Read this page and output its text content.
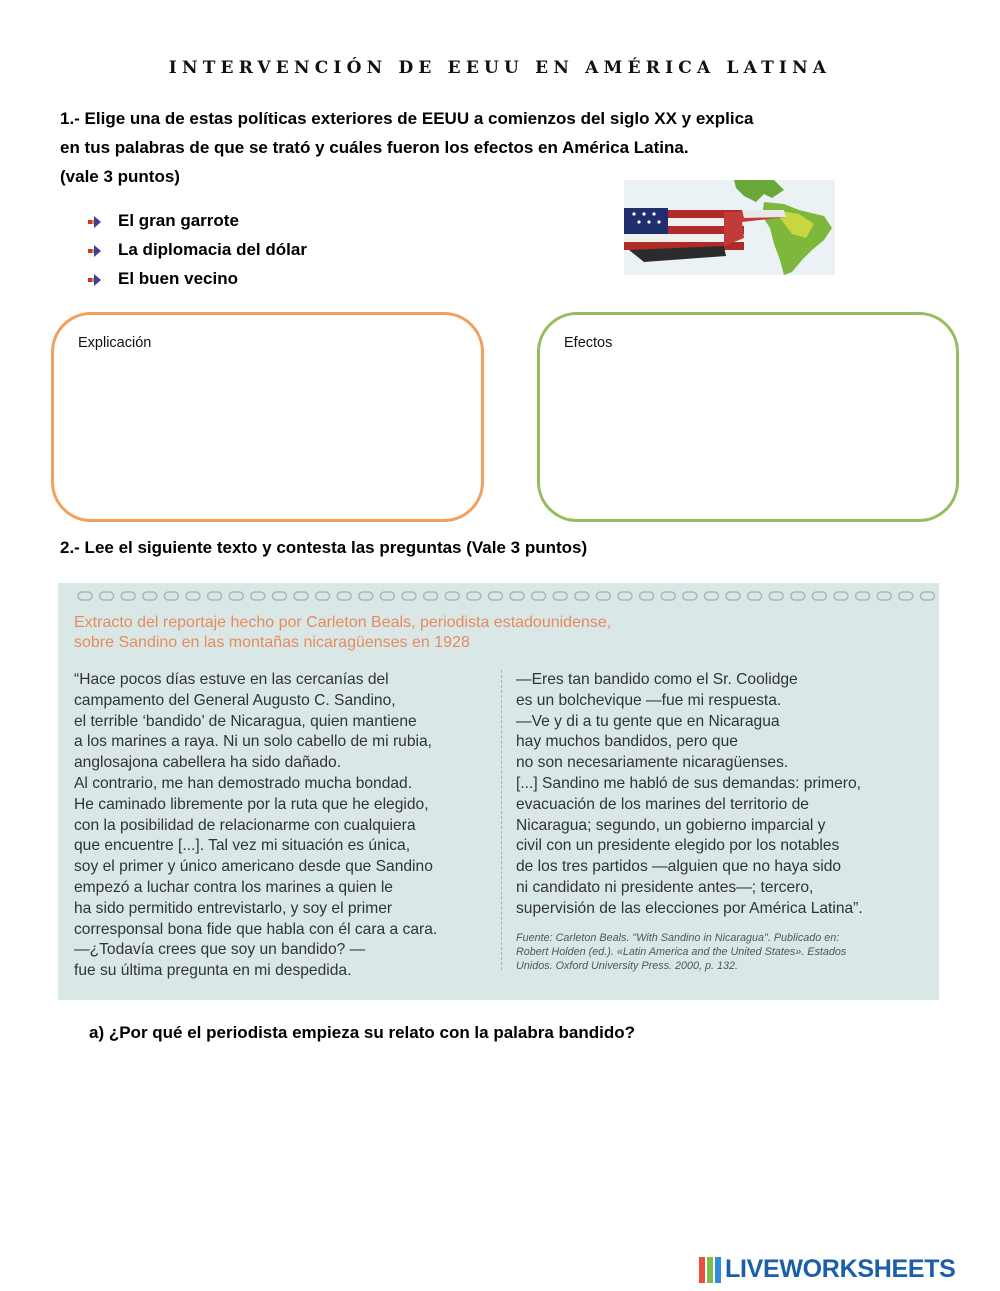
INTERVENCIÓN DE EEUU EN AMÉRICA LATINA
1.- Elige una de estas políticas exteriores de EEUU a comienzos del siglo XX y explica
en tus palabras de que se trató y cuáles fueron los efectos en América Latina.
(vale 3 puntos)
El gran garrote
La diplomacia del dólar
El buen vecino
Explicación	Efectos
2.- Lee el siguiente texto y contesta las preguntas (Vale 3 puntos)
Extracto del reportaje hecho por Carleton Beals, periodista estadounidense,
sobre Sandino en las montañas nicaragüenses en 1928
“Hace pocos días estuve en las cercanías del
campamento del General Augusto C. Sandino,
el terrible ‘bandido’ de Nicaragua, quien mantiene
a los marines a raya. Ni un solo cabello de mi rubia,
anglosajona cabellera ha sido dañado.
Al contrario, me han demostrado mucha bondad.
He caminado libremente por la ruta que he elegido,
con la posibilidad de relacionarme con cualquiera
que encuentre [...]. Tal vez mi situación es única,
soy el primer y único americano desde que Sandino
empezó a luchar contra los marines a quien le
ha sido permitido entrevistarlo, y soy el primer
corresponsal bona fide que habla con él cara a cara.
—¿Todavía crees que soy un bandido? —
fue su última pregunta en mi despedida.
—Eres tan bandido como el Sr. Coolidge
es un bolchevique —fue mi respuesta.
—Ve y di a tu gente que en Nicaragua
hay muchos bandidos, pero que
no son necesariamente nicaragüenses.
[...] Sandino me habló de sus demandas: primero,
evacuación de los marines del territorio de
Nicaragua; segundo, un gobierno imparcial y
civil con un presidente elegido por los notables
de los tres partidos —alguien que no haya sido
ni candidato ni presidente antes—; tercero,
supervisión de las elecciones por América Latina”.
Fuente: Carleton Beals. "With Sandino in Nicaragua". Publicado en:
Robert Holden (ed.). «Latin America and the United States». Estados
Unidos. Oxford University Press. 2000, p. 132.
a) ¿Por qué el periodista empieza su relato con la palabra bandido?
LIVEWORKSHEETS
